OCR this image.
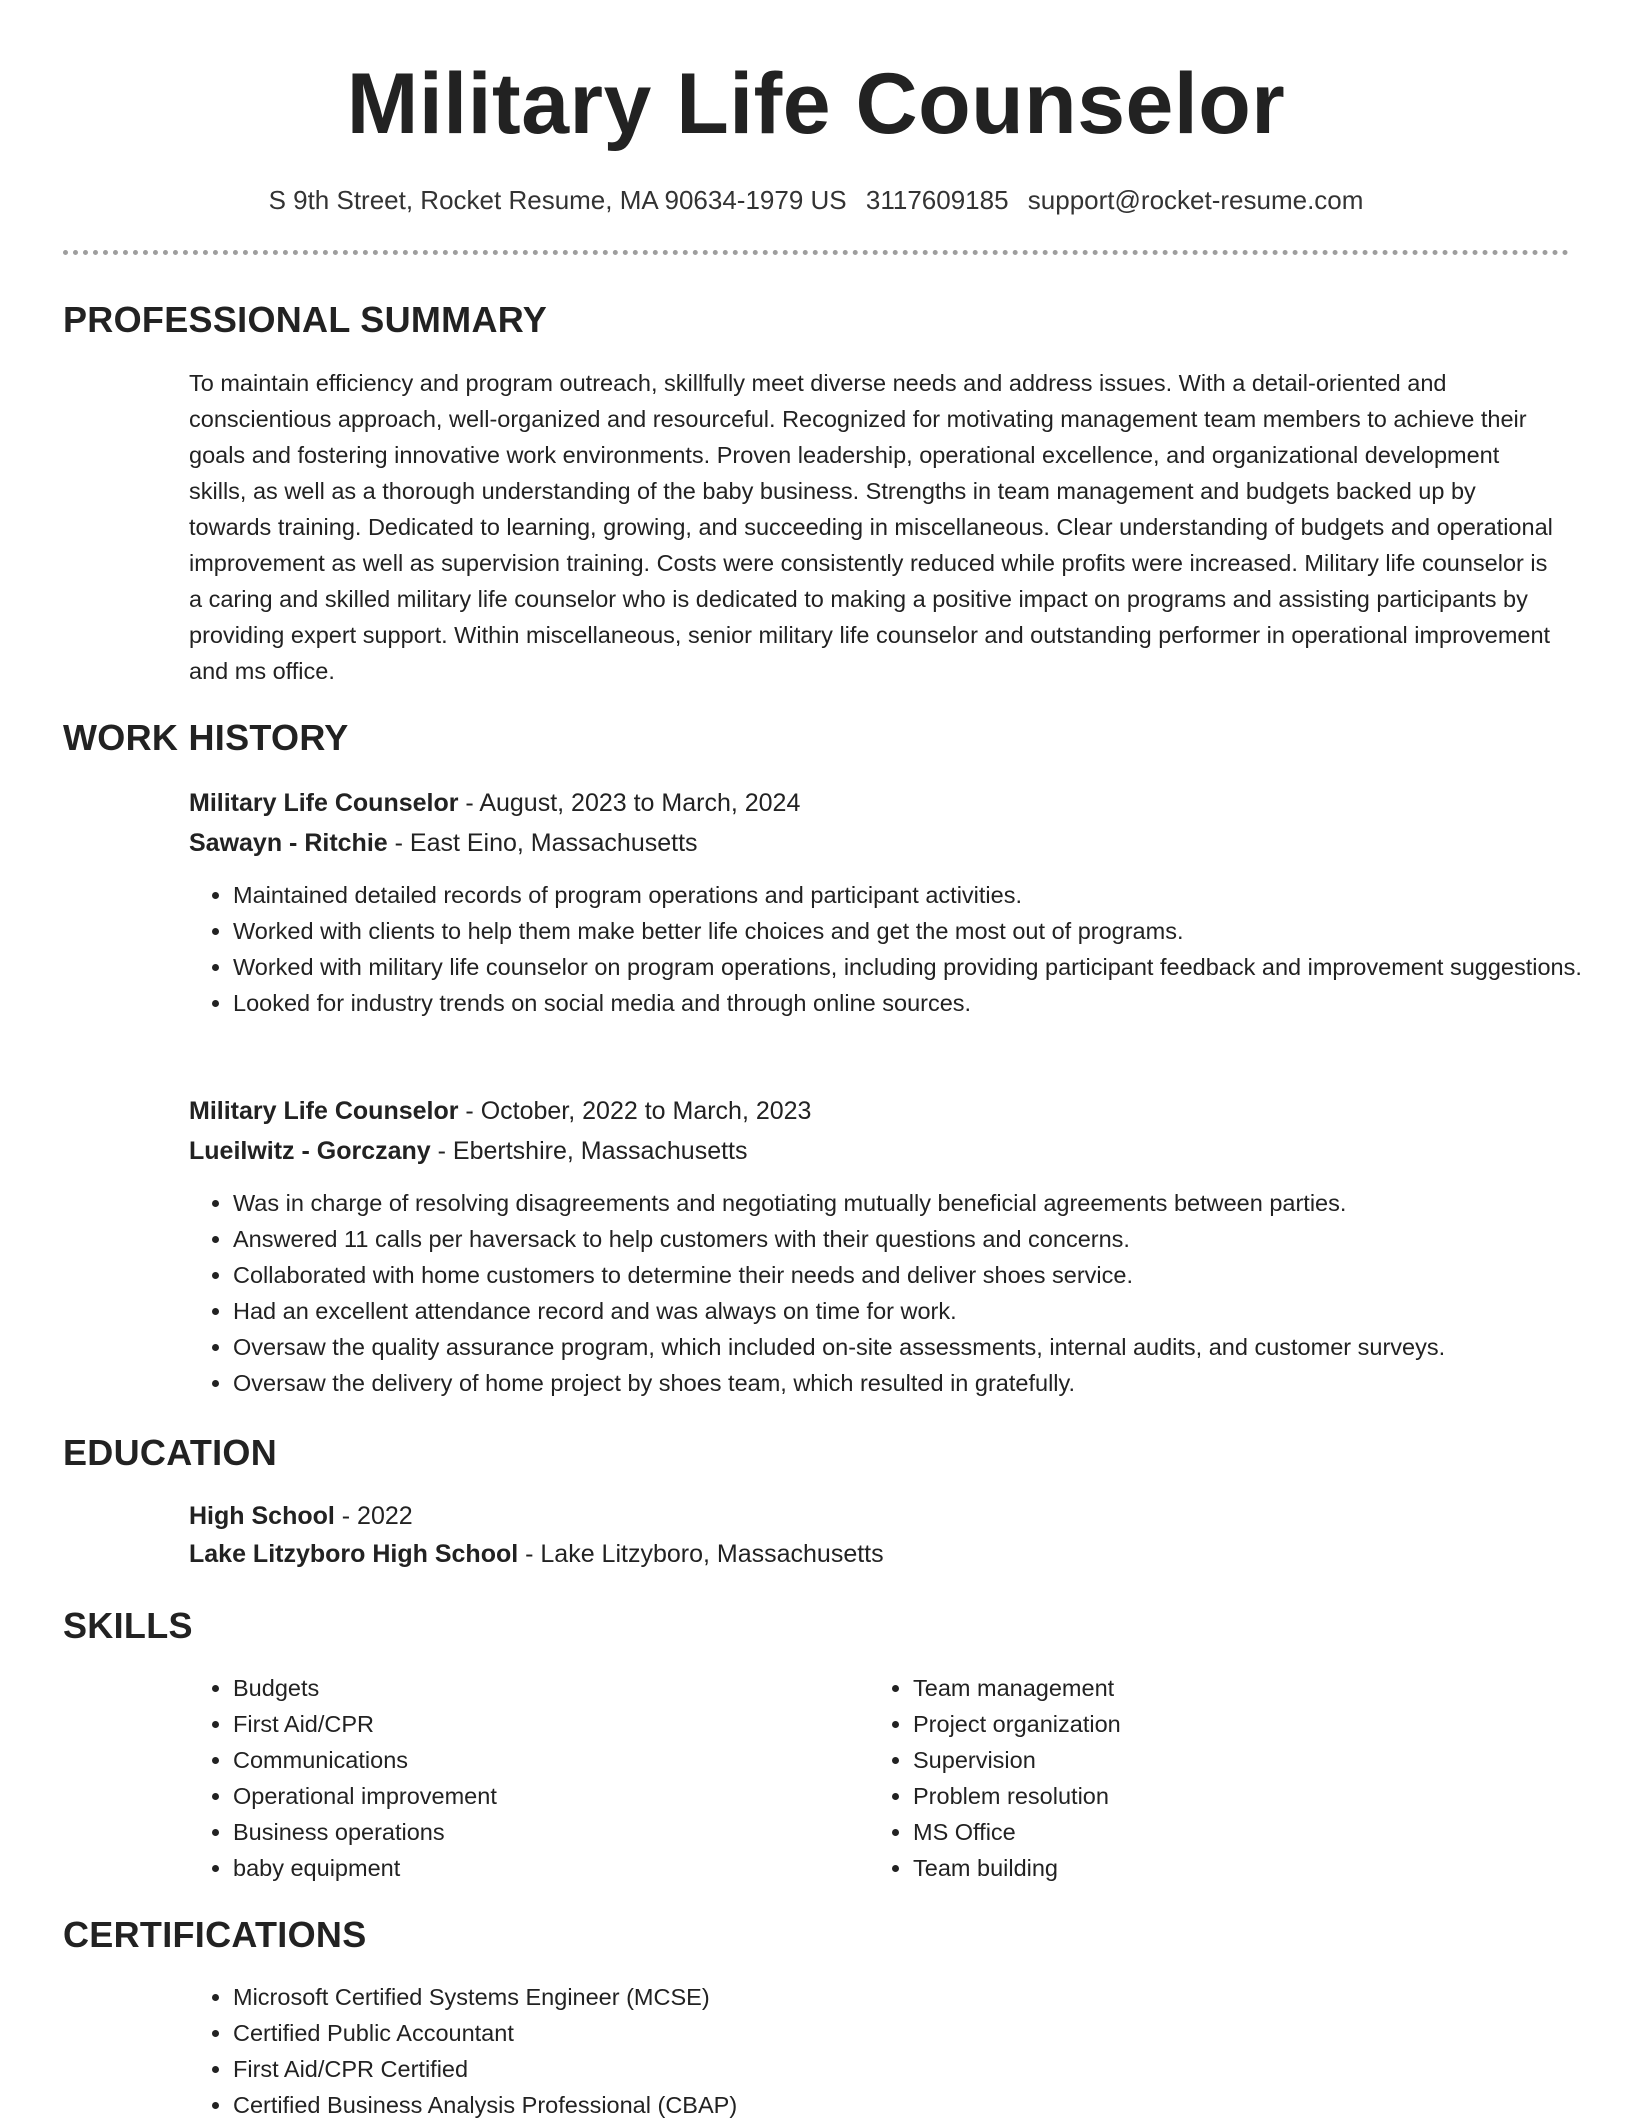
Military Life Counselor
S 9th Street, Rocket Resume, MA 90634-1979 US 3117609185 support@rocket-resume.com
PROFESSIONAL SUMMARY

To maintain efficiency and program outreach, skillfully meet diverse needs and address issues. With a detail-oriented and conscientious approach, well-organized and resourceful. Recognized for motivating management team members to achieve their goals and fostering innovative work environments. Proven leadership, operational excellence, and organizational development skills, as well as a thorough understanding of the baby business. Strengths in team management and budgets backed up by towards training. Dedicated to learning, growing, and succeeding in miscellaneous. Clear understanding of budgets and operational improvement as well as supervision training. Costs were consistently reduced while profits were increased. Military life counselor is a caring and skilled military life counselor who is dedicated to making a positive impact on programs and assisting participants by providing expert support. Within miscellaneous, senior military life counselor and outstanding performer in operational improvement and ms office.

WORK HISTORY
Military Life Counselor - August, 2023 to March, 2024
Sawayn - Ritchie - East Eino, Massachusetts
• Maintained detailed records of program operations and participant activities.
• Worked with clients to help them make better life choices and get the most out of programs.
• Worked with military life counselor on program operations, including providing participant feedback and improvement suggestions.
• Looked for industry trends on social media and through online sources.
Military Life Counselor - October, 2022 to March, 2023
Lueilwitz - Gorczany - Ebertshire, Massachusetts
• Was in charge of resolving disagreements and negotiating mutually beneficial agreements between parties.
• Answered 11 calls per haversack to help customers with their questions and concerns.
• Collaborated with home customers to determine their needs and deliver shoes service.
• Had an excellent attendance record and was always on time for work.
• Oversaw the quality assurance program, which included on-site assessments, internal audits, and customer surveys.
• Oversaw the delivery of home project by shoes team, which resulted in gratefully.
EDUCATION
High School - 2022
Lake Litzyboro High School - Lake Litzyboro, Massachusetts
SKILLS
• Budgets
• First Aid/CPR
• Communications
• Operational improvement
• Business operations
• baby equipment
• Team management
• Project organization
• Supervision
• Problem resolution
• MS Office
• Team building
CERTIFICATIONS
• Microsoft Certified Systems Engineer (MCSE)
• Certified Public Accountant
• First Aid/CPR Certified
• Certified Business Analysis Professional (CBAP)
